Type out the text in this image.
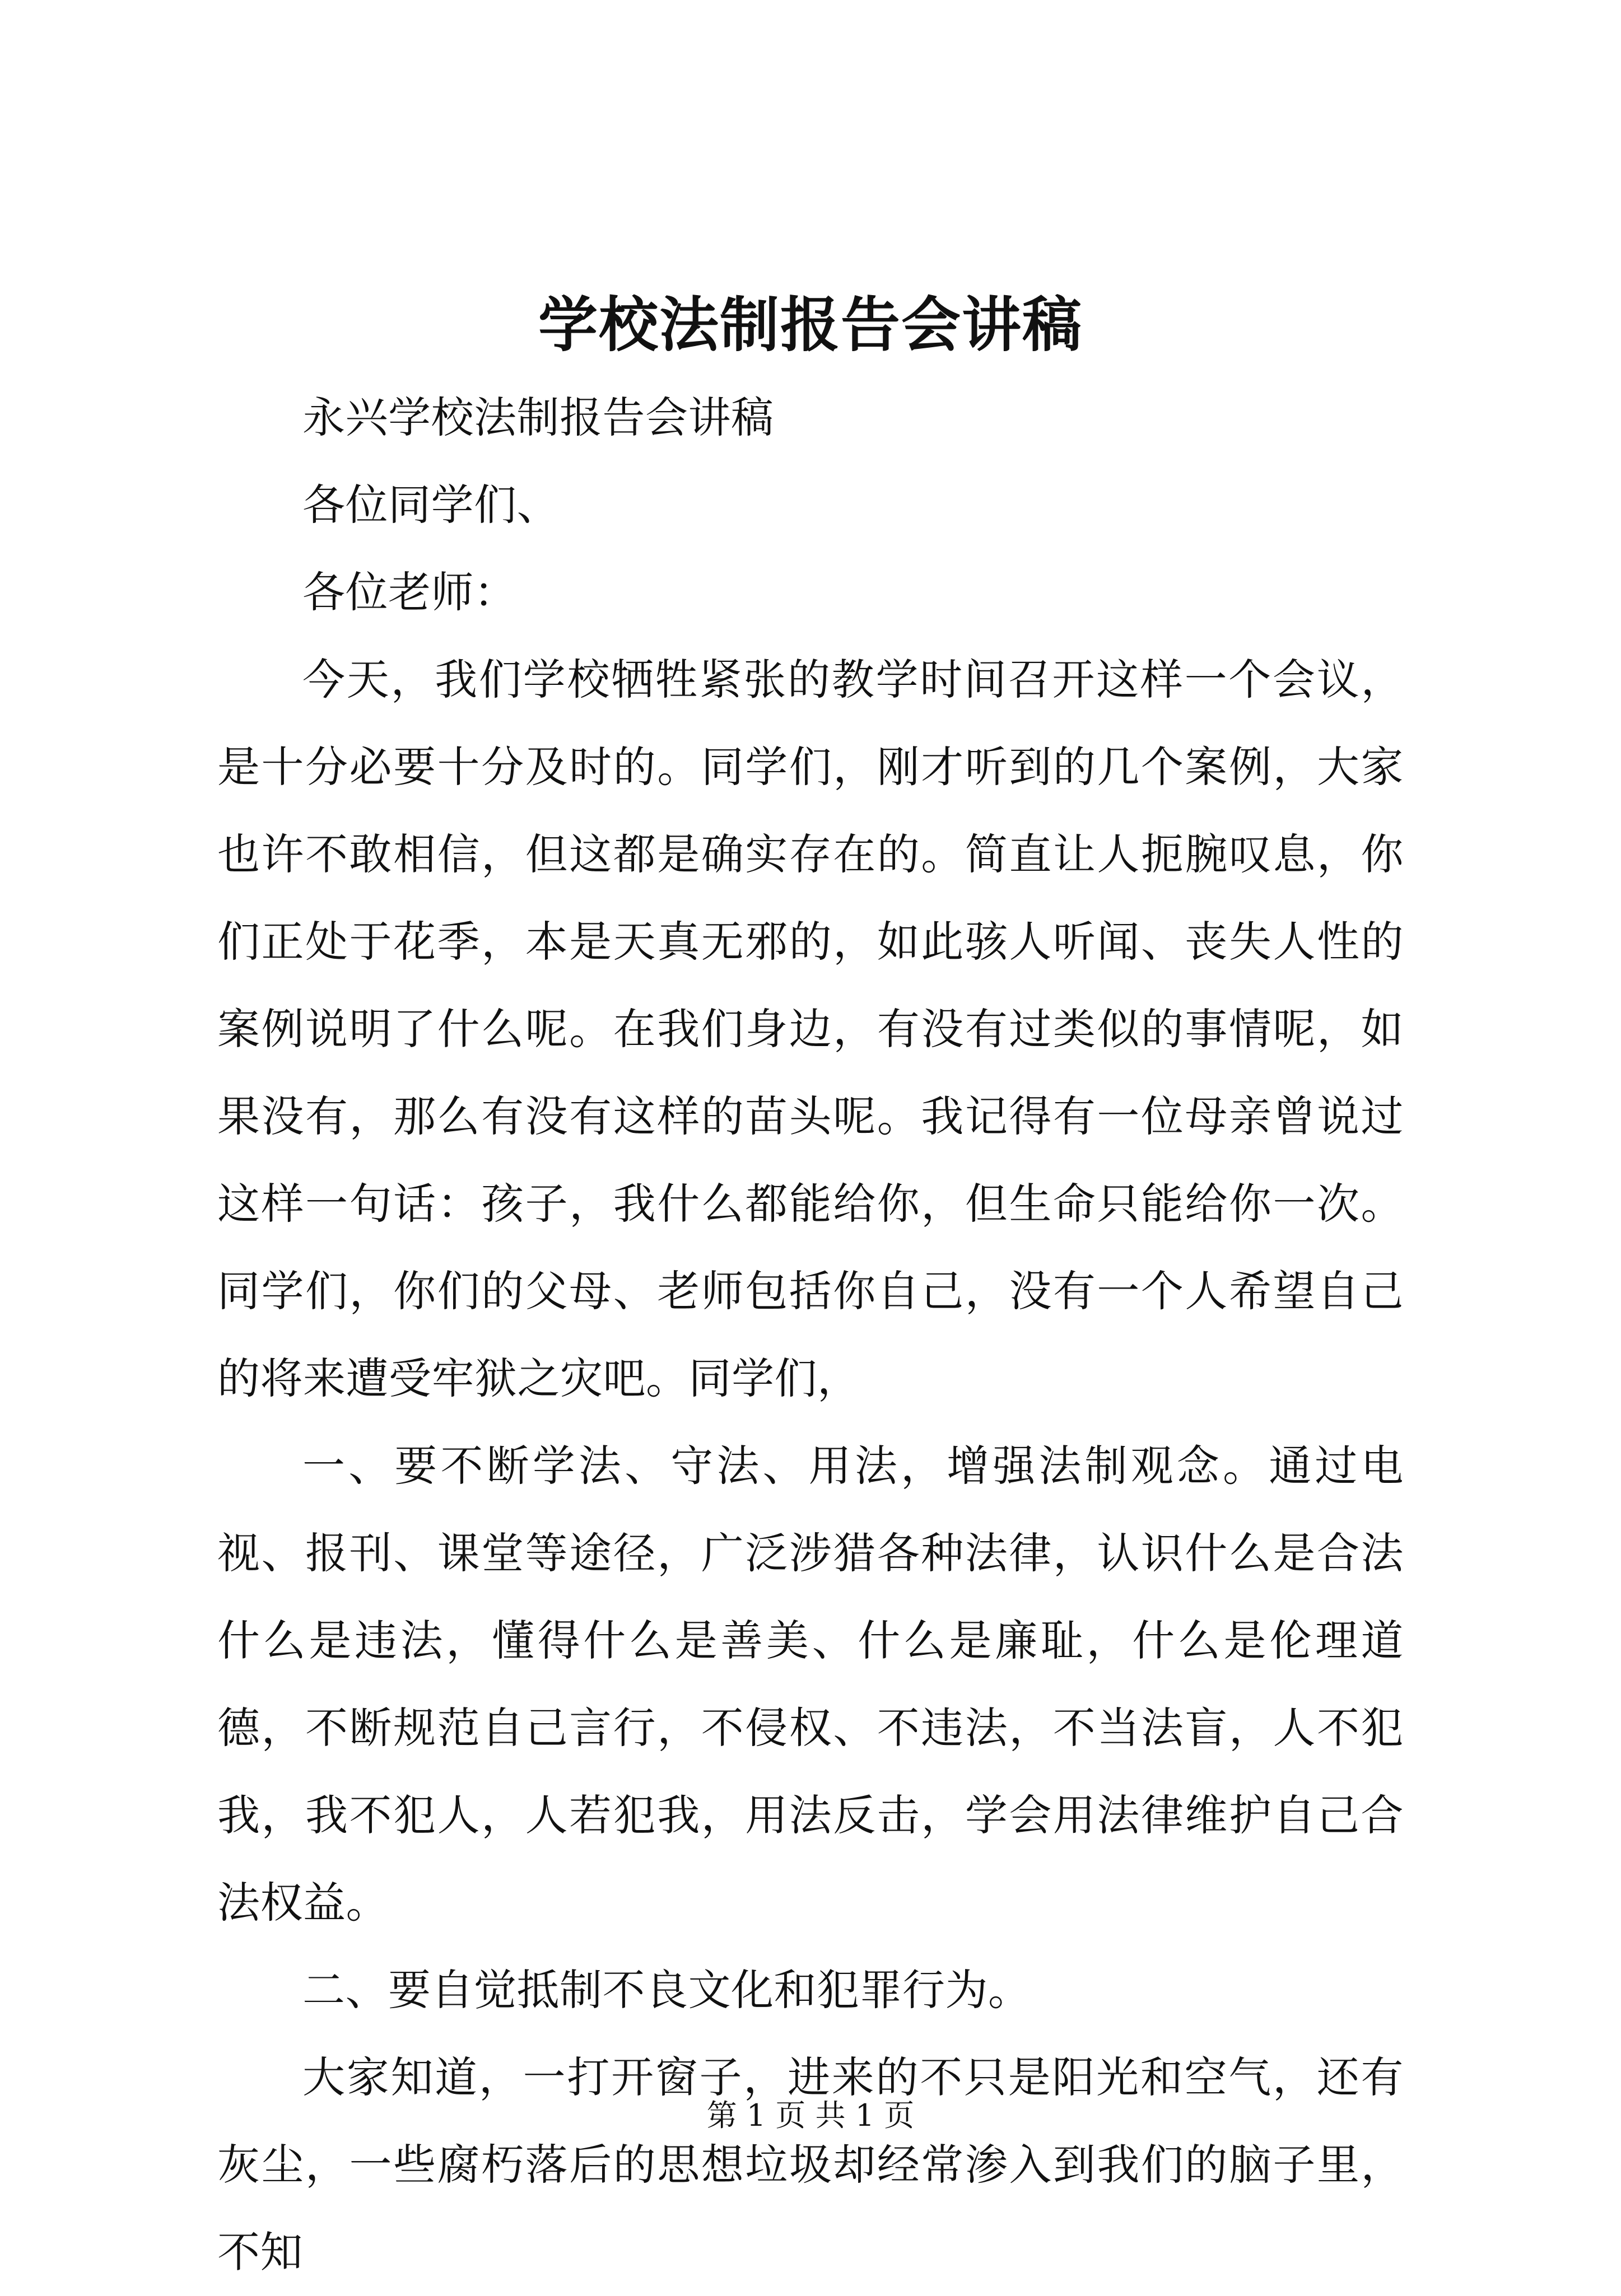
学校法制报告会讲稿

永兴学校法制报告会讲稿

各位同学们、

各位老师：

今天，我们学校牺牲紧张的教学时间召开这样一个会议，是十分必要十分及时的。同学们，刚才听到的几个案例，大家也许不敢相信，但这都是确实存在的。简直让人扼腕叹息，你们正处于花季，本是天真无邪的，如此骇人听闻、丧失人性的案例说明了什么呢。在我们身边，有没有过类似的事情呢，如果没有，那么有没有这样的苗头呢。我记得有一位母亲曾说过这样一句话：孩子，我什么都能给你，但生命只能给你一次。同学们，你们的父母、老师包括你自己，没有一个人希望自己的将来遭受牢狱之灾吧。同学们，

一、要不断学法、守法、用法，增强法制观念。通过电视、报刊、课堂等途径，广泛涉猎各种法律，认识什么是合法什么是违法，懂得什么是善美、什么是廉耻，什么是伦理道德，不断规范自己言行，不侵权、不违法，不当法盲，人不犯我，我不犯人，人若犯我，用法反击，学会用法律维护自己合法权益。

二、要自觉抵制不良文化和犯罪行为。

大家知道，一打开窗子，进来的不只是阳光和空气，还有灰尘，一些腐朽落后的思想垃圾却经常渗入到我们的脑子里，不知

第 1 页 共 1 页
